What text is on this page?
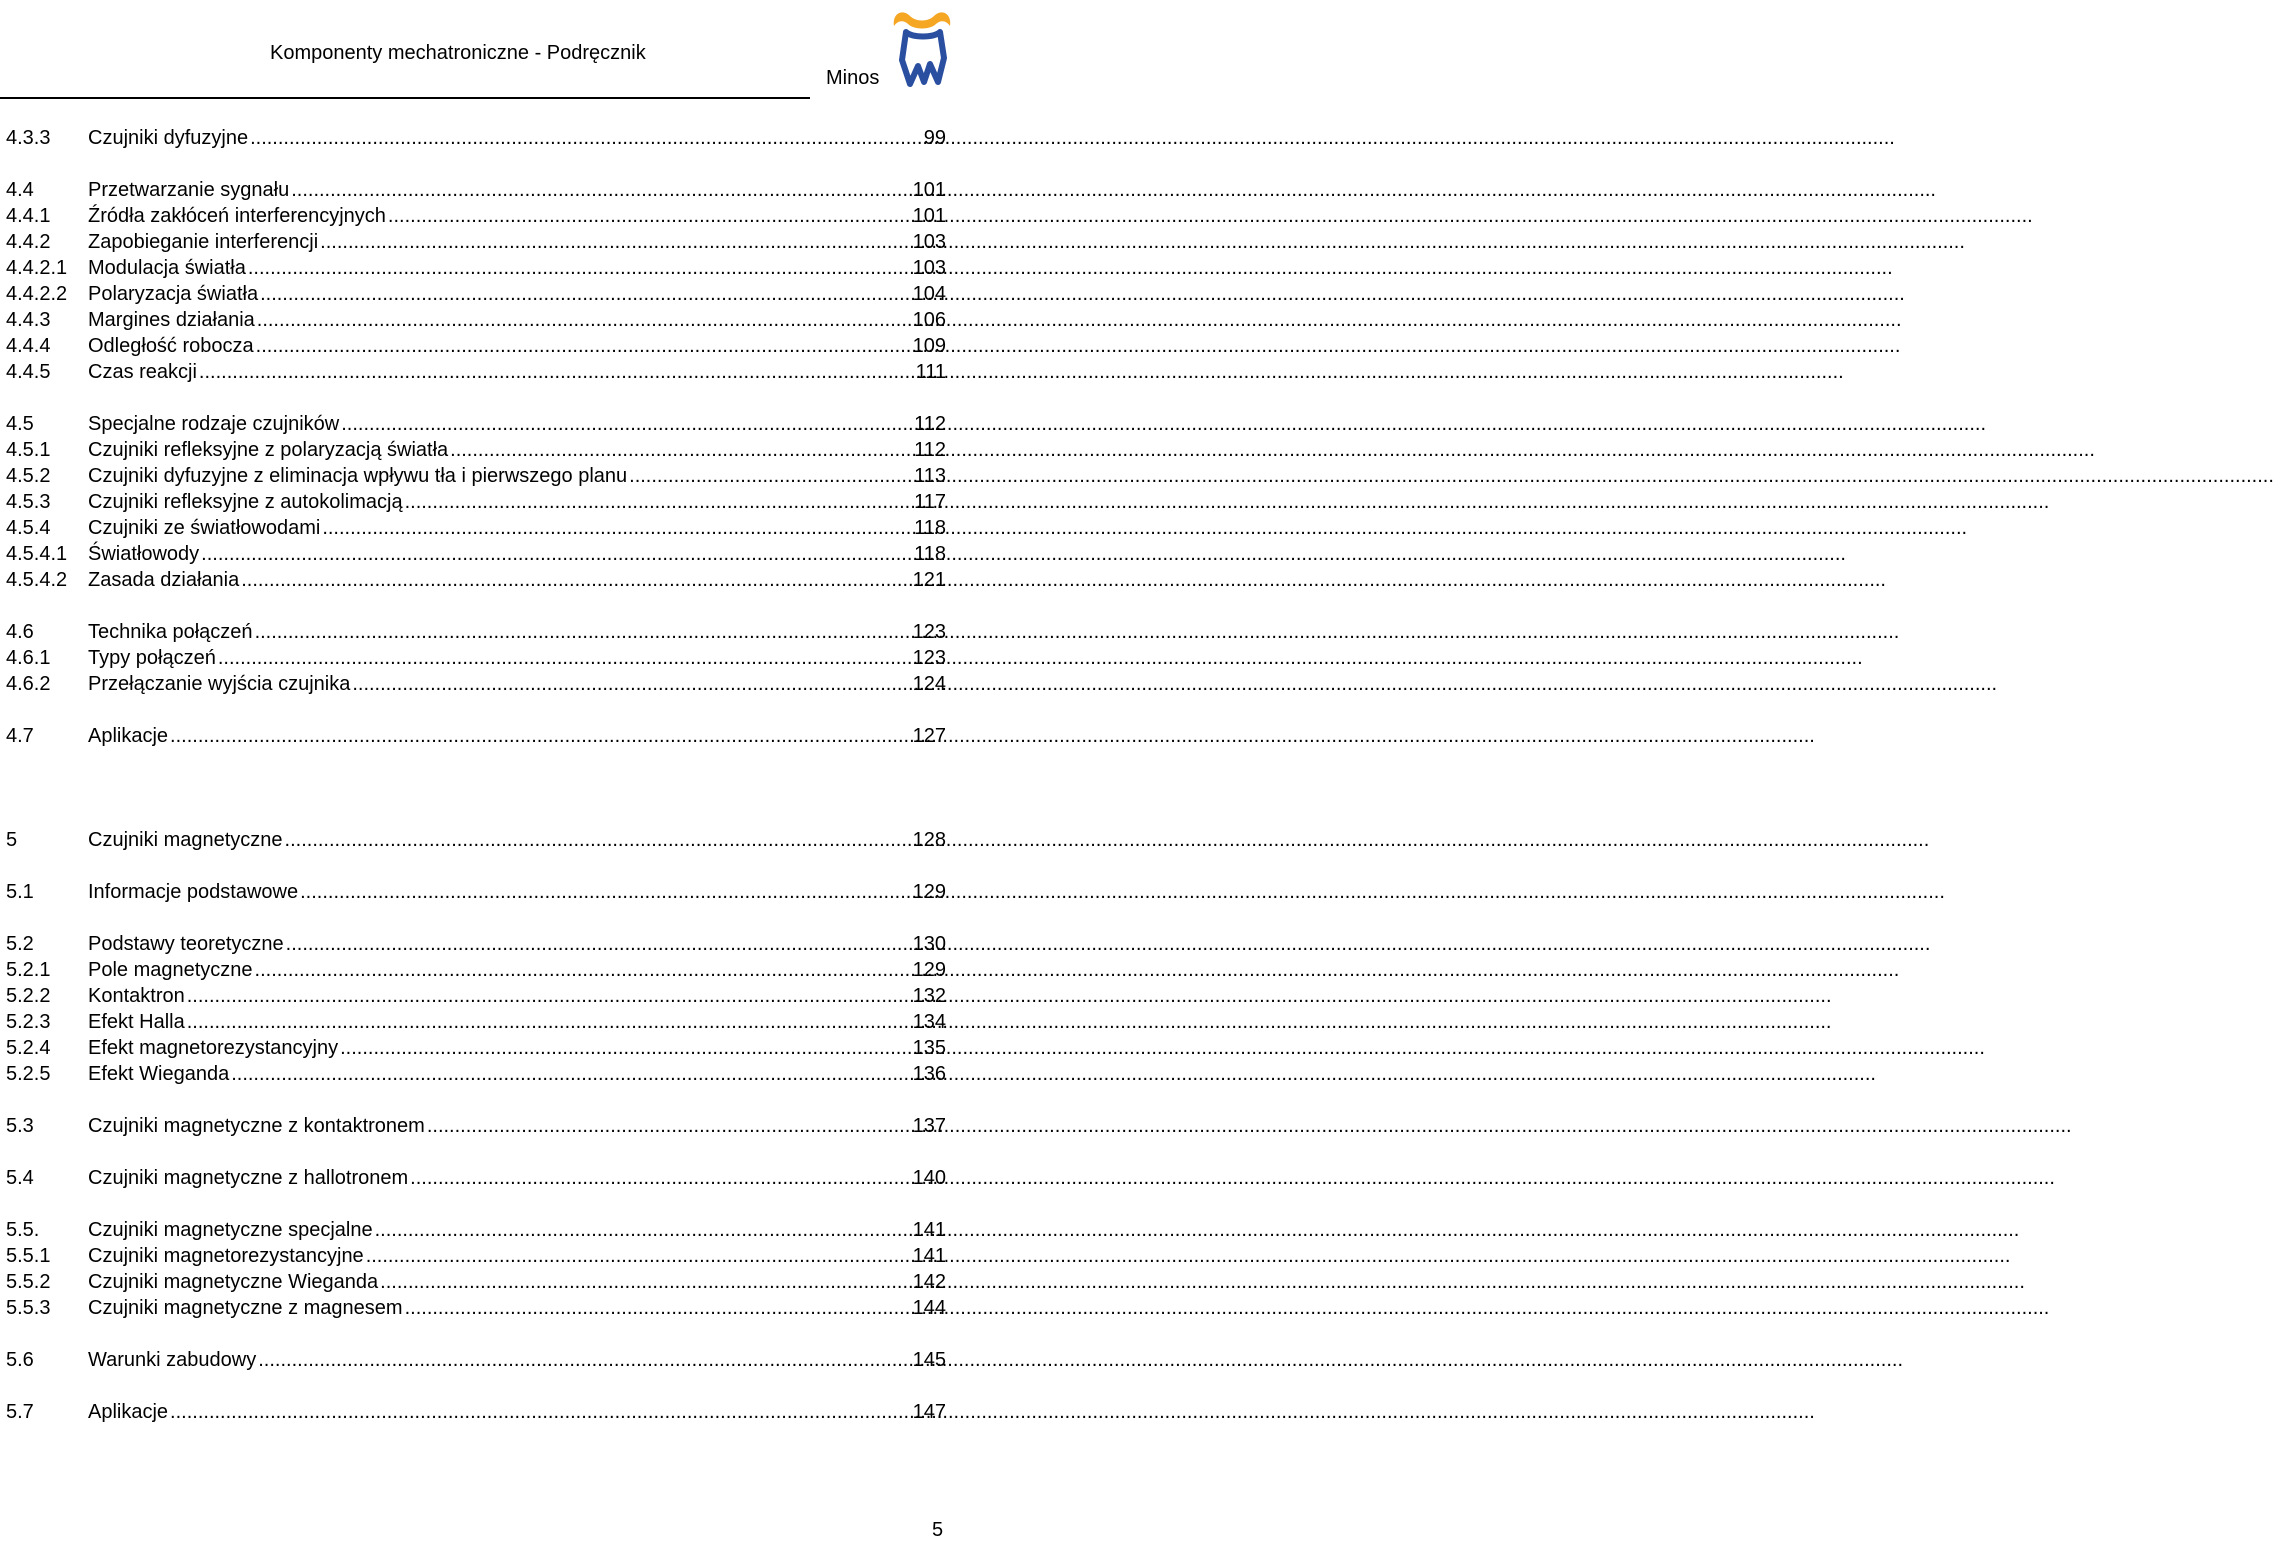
Komponenty mechatroniczne - Podręcznik
Minos
4.3.3	Czujniki dyfuzyjne .....	99
4.4	Przetwarzanie sygnału .....	101
4.4.1	Źródła zakłóceń interferencyjnych .....	101
4.4.2	Zapobieganie interferencji .....	103
4.4.2.1	Modulacja światła .....	103
4.4.2.2	Polaryzacja światła .....	104
4.4.3	Margines działania .....	106
4.4.4	Odległość robocza .....	109
4.4.5	Czas reakcji .....	111
4.5	Specjalne rodzaje czujników .....	112
4.5.1	Czujniki refleksyjne z polaryzacją światła .....	112
4.5.2	Czujniki dyfuzyjne z eliminacja wpływu tła i pierwszego planu .....	113
4.5.3	Czujniki refleksyjne z autokolimacją .....	117
4.5.4	Czujniki ze światłowodami .....	118
4.5.4.1	Światłowody .....	118
4.5.4.2	Zasada działania .....	121
4.6	Technika połączeń .....	123
4.6.1	Typy połączeń .....	123
4.6.2	Przełączanie wyjścia czujnika .....	124
4.7	Aplikacje .....	127
5	Czujniki magnetyczne .....	128
5.1	Informacje podstawowe .....	129
5.2	Podstawy teoretyczne .....	130
5.2.1	Pole magnetyczne .....	129
5.2.2	Kontaktron .....	132
5.2.3	Efekt Halla .....	134
5.2.4	Efekt magnetorezystancyjny .....	135
5.2.5	Efekt Wieganda .....	136
5.3	Czujniki magnetyczne z kontaktronem .....	137
5.4	Czujniki magnetyczne z hallotronem .....	140
5.5.	Czujniki magnetyczne specjalne .....	141
5.5.1	Czujniki magnetorezystancyjne .....	141
5.5.2	Czujniki magnetyczne Wieganda .....	142
5.5.3	Czujniki magnetyczne z magnesem .....	144
5.6	Warunki zabudowy .....	145
5.7	Aplikacje .....	147
5
